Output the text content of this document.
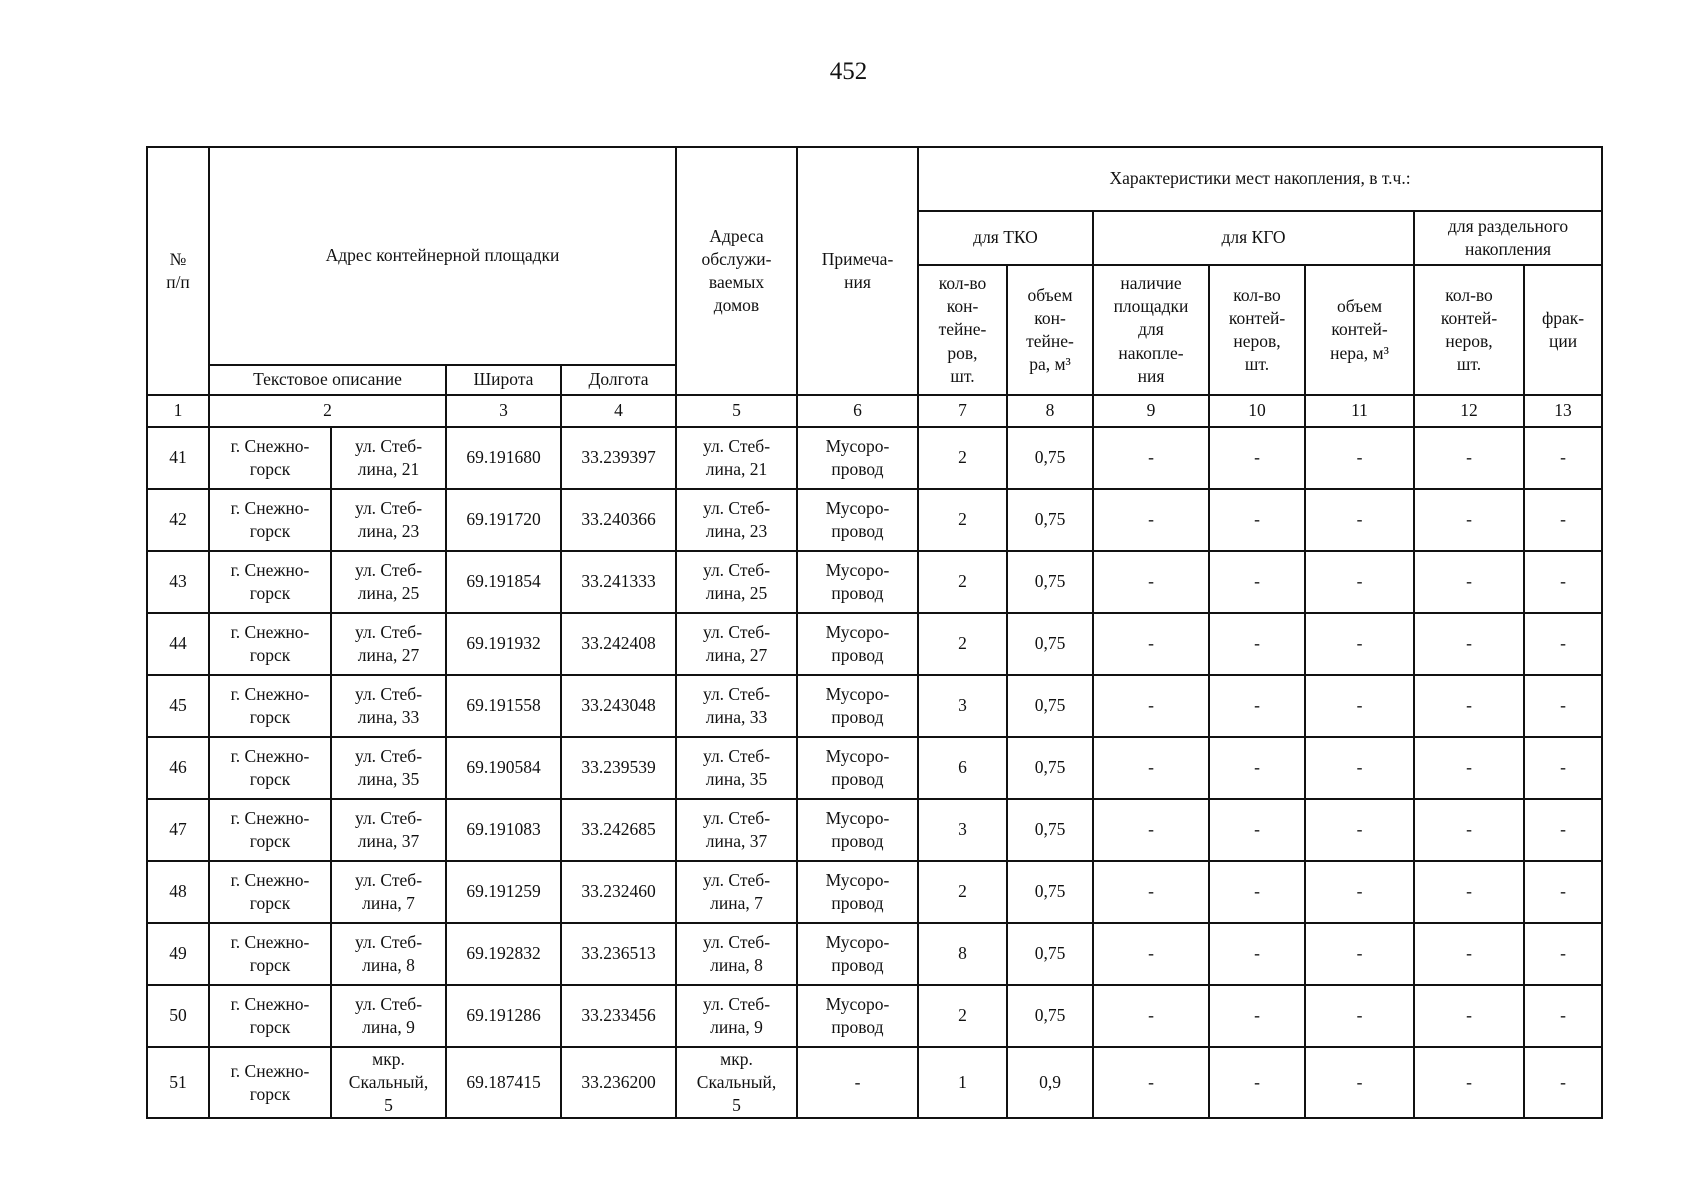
452
№
п/п	Адрес контейнерной площадки				Адреса
обслужи-
ваемых
домов	Примеча-
ния	Характеристики мест накопления, в т.ч.:						
							для ТКО		для КГО			для раздельного
накопления	
							кол-во
кон-
тейне-
ров,
шт.	объем
кон-
тейне-
ра, м³	наличие
площадки
для
накопле-
ния	кол-во
контей-
неров,
шт.	объем
контей-
нера, м³	кол-во
контей-
неров,
шт.	фрак-
ции
	Текстовое описание		Широта	Долгота									
1	2		3	4	5	6	7	8	9	10	11	12	13
41	г. Снежно-
горск	ул. Стеб-
лина, 21	69.191680	33.239397	ул. Стеб-
лина, 21	Мусоро-
провод	2	0,75	-	-	-	-	-
42	г. Снежно-
горск	ул. Стеб-
лина, 23	69.191720	33.240366	ул. Стеб-
лина, 23	Мусоро-
провод	2	0,75	-	-	-	-	-
43	г. Снежно-
горск	ул. Стеб-
лина, 25	69.191854	33.241333	ул. Стеб-
лина, 25	Мусоро-
провод	2	0,75	-	-	-	-	-
44	г. Снежно-
горск	ул. Стеб-
лина, 27	69.191932	33.242408	ул. Стеб-
лина, 27	Мусоро-
провод	2	0,75	-	-	-	-	-
45	г. Снежно-
горск	ул. Стеб-
лина, 33	69.191558	33.243048	ул. Стеб-
лина, 33	Мусоро-
провод	3	0,75	-	-	-	-	-
46	г. Снежно-
горск	ул. Стеб-
лина, 35	69.190584	33.239539	ул. Стеб-
лина, 35	Мусоро-
провод	6	0,75	-	-	-	-	-
47	г. Снежно-
горск	ул. Стеб-
лина, 37	69.191083	33.242685	ул. Стеб-
лина, 37	Мусоро-
провод	3	0,75	-	-	-	-	-
48	г. Снежно-
горск	ул. Стеб-
лина, 7	69.191259	33.232460	ул. Стеб-
лина, 7	Мусоро-
провод	2	0,75	-	-	-	-	-
49	г. Снежно-
горск	ул. Стеб-
лина, 8	69.192832	33.236513	ул. Стеб-
лина, 8	Мусоро-
провод	8	0,75	-	-	-	-	-
50	г. Снежно-
горск	ул. Стеб-
лина, 9	69.191286	33.233456	ул. Стеб-
лина, 9	Мусоро-
провод	2	0,75	-	-	-	-	-
51	г. Снежно-
горск	мкр.
Скальный,
5	69.187415	33.236200	мкр.
Скальный,
5	-	1	0,9	-	-	-	-	-
